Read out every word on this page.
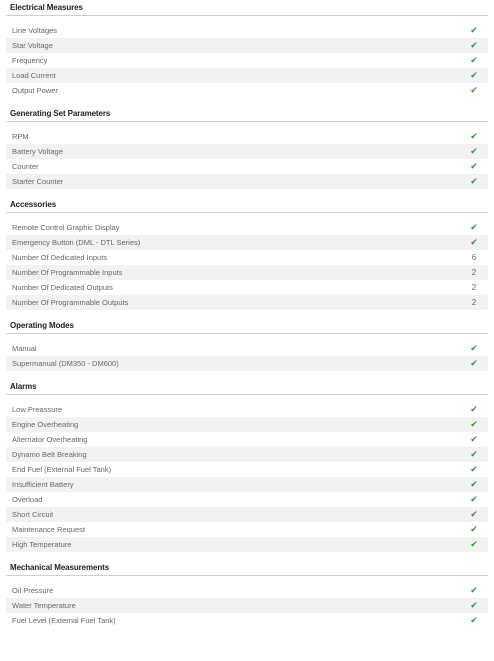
Electrical Measures
Line Voltages	✔
Star Voltage	✔
Frequency	✔
Load Current	✔
Output Power	✔
Generating Set Parameters
RPM	✔
Battery Voltage	✔
Counter	✔
Starter Counter	✔
Accessories
Remote Control Graphic Display	✔
Emergency Button (DML - DTL Series)	✔
Number Of Dedicated Inputs	6
Number Of Programmable Inputs	2
Number Of Dedicated Outputs	2
Number Of Programmable Outputs	2
Operating Modes
Manual	✔
Supermanual (DM350 - DM600)	✔
Alarms
Low Preassure	✔
Engine Overheating	✔
Alternator Overheating	✔
Dynamo Belt Breaking	✔
End Fuel (External Fuel Tank)	✔
Insufficient Battery	✔
Overload	✔
Short Circuit	✔
Maintenance Request	✔
High Temperature	✔
Mechanical Measurements
Oil Pressure	✔
Water Temperature	✔
Fuel Level (External Fuel Tank)	✔
